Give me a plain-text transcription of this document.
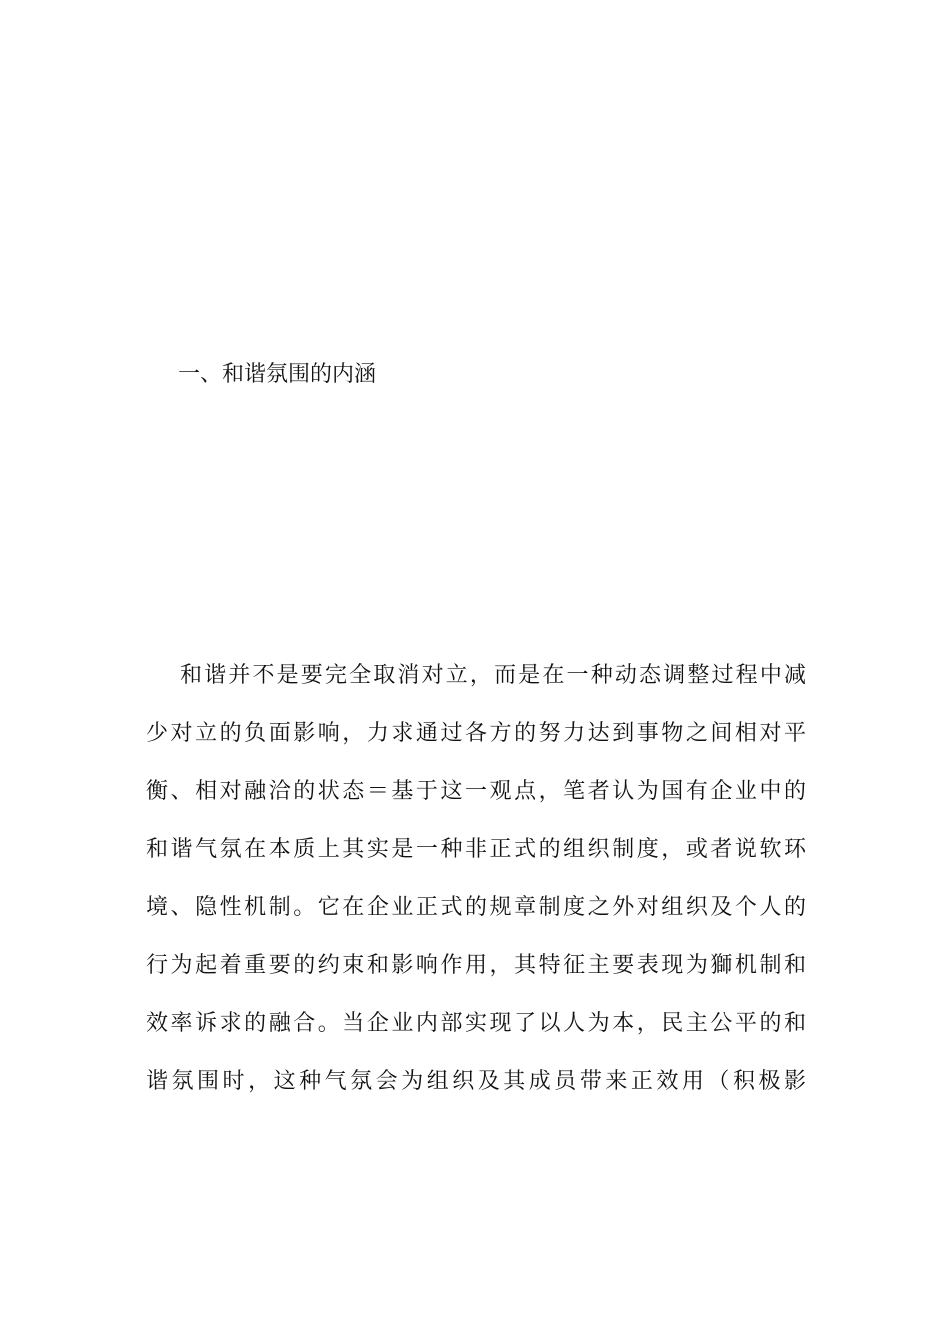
一、和谐氛围的内涵
和谐并不是要完全取消对立，而是在一种动态调整过程中减
少对立的负面影响，力求通过各方的努力达到事物之间相对平
衡、相对融洽的状态＝基于这一观点，笔者认为国有企业中的
和谐气氛在本质上其实是一种非正式的组织制度，或者说软环
境、隐性机制。它在企业正式的规章制度之外对组织及个人的
行为起着重要的约束和影响作用，其特征主要表现为獅机制和
效率诉求的融合。当企业内部实现了以人为本，民主公平的和
谐氛围时，这种气氛会为组织及其成员带来正效用（积极影
